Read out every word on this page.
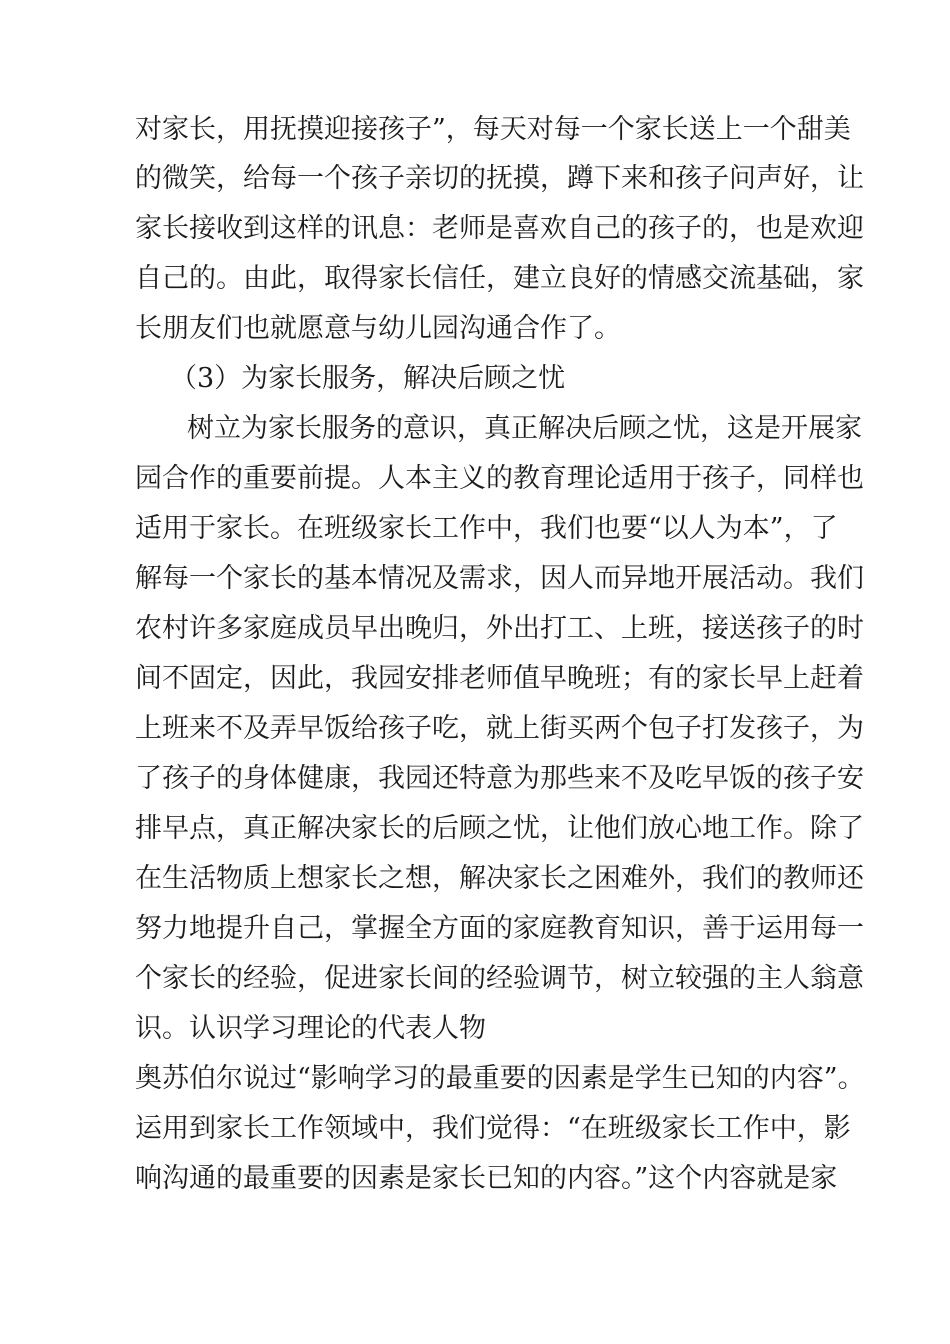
对家长，用抚摸迎接孩子”，每天对每一个家长送上一个甜美
的微笑，给每一个孩子亲切的抚摸，蹲下来和孩子问声好，让
家长接收到这样的讯息：老师是喜欢自己的孩子的，也是欢迎
自己的。由此，取得家长信任，建立良好的情感交流基础，家
长朋友们也就愿意与幼儿园沟通合作了。
（3）为家长服务，解决后顾之忧
树立为家长服务的意识，真正解决后顾之忧，这是开展家
园合作的重要前提。人本主义的教育理论适用于孩子，同样也
适用于家长。在班级家长工作中，我们也要“以人为本”，了
解每一个家长的基本情况及需求，因人而异地开展活动。我们
农村许多家庭成员早出晚归，外出打工、上班，接送孩子的时
间不固定，因此，我园安排老师值早晚班；有的家长早上赶着
上班来不及弄早饭给孩子吃，就上街买两个包子打发孩子，为
了孩子的身体健康，我园还特意为那些来不及吃早饭的孩子安
排早点，真正解决家长的后顾之忧，让他们放心地工作。除了
在生活物质上想家长之想，解决家长之困难外，我们的教师还
努力地提升自己，掌握全方面的家庭教育知识，善于运用每一
个家长的经验，促进家长间的经验调节，树立较强的主人翁意
识。认识学习理论的代表人物
奥苏伯尔说过“影响学习的最重要的因素是学生已知的内容”。
运用到家长工作领域中，我们觉得：“在班级家长工作中，影
响沟通的最重要的因素是家长已知的内容。”这个内容就是家
